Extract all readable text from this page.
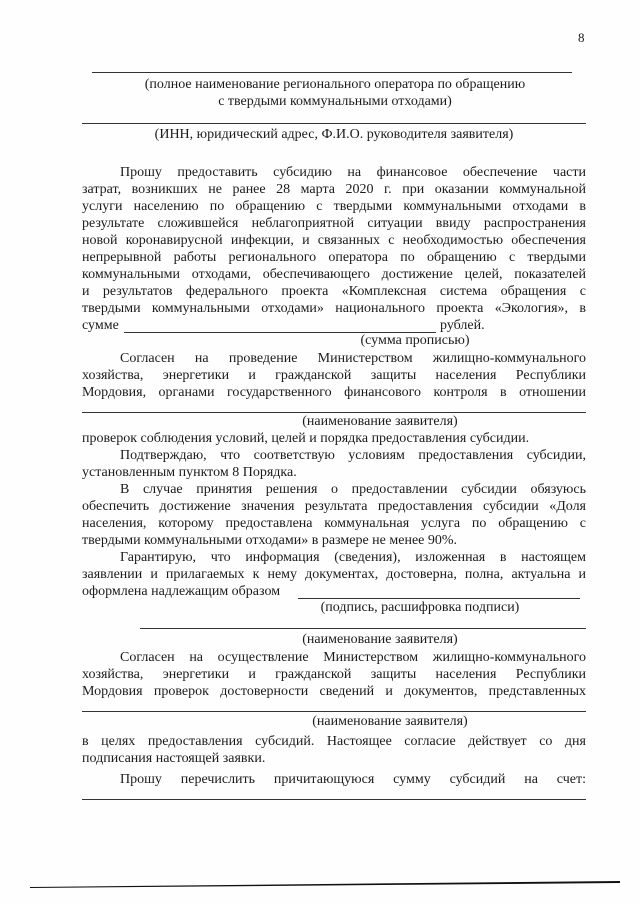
8
(полное наименование регионального оператора по обращению
с твердыми коммунальными отходами)
(ИНН, юридический адрес, Ф.И.О. руководителя заявителя)
Прошу предоставить субсидию на финансовое обеспечение части
затрат, возникших не ранее 28 марта 2020 г. при оказании коммунальной
услуги населению по обращению с твердыми коммунальными отходами в
результате сложившейся неблагоприятной ситуации ввиду распространения
новой коронавирусной инфекции, и связанных с необходимостью обеспечения
непрерывной работы регионального оператора по обращению с твердыми
коммунальными отходами, обеспечивающего достижение целей, показателей
и результатов федерального проекта «Комплексная система обращения с
твердыми коммунальными отходами» национального проекта «Экология», в
сумме	рублей.
(сумма прописью)
Согласен на проведение Министерством жилищно-коммунального
хозяйства, энергетики и гражданской защиты населения Республики
Мордовия, органами государственного финансового контроля в отношении
(наименование заявителя)
проверок соблюдения условий, целей и порядка предоставления субсидии.
Подтверждаю, что соответствую условиям предоставления субсидии,
установленным пунктом 8 Порядка.
В случае принятия решения о предоставлении субсидии обязуюсь
обеспечить достижение значения результата предоставления субсидии «Доля
населения, которому предоставлена коммунальная услуга по обращению с
твердыми коммунальными отходами» в размере не менее 90%.
Гарантирую, что информация (сведения), изложенная в настоящем
заявлении и прилагаемых к нему документах, достоверна, полна, актуальна и
оформлена надлежащим образом
(подпись, расшифровка подписи)
(наименование заявителя)
Согласен на осуществление Министерством жилищно-коммунального
хозяйства, энергетики и гражданской защиты населения Республики
Мордовия проверок достоверности сведений и документов, представленных
(наименование заявителя)
в целях предоставления субсидий. Настоящее согласие действует со дня
подписания настоящей заявки.
Прошу перечислить причитающуюся сумму субсидий на счет:
